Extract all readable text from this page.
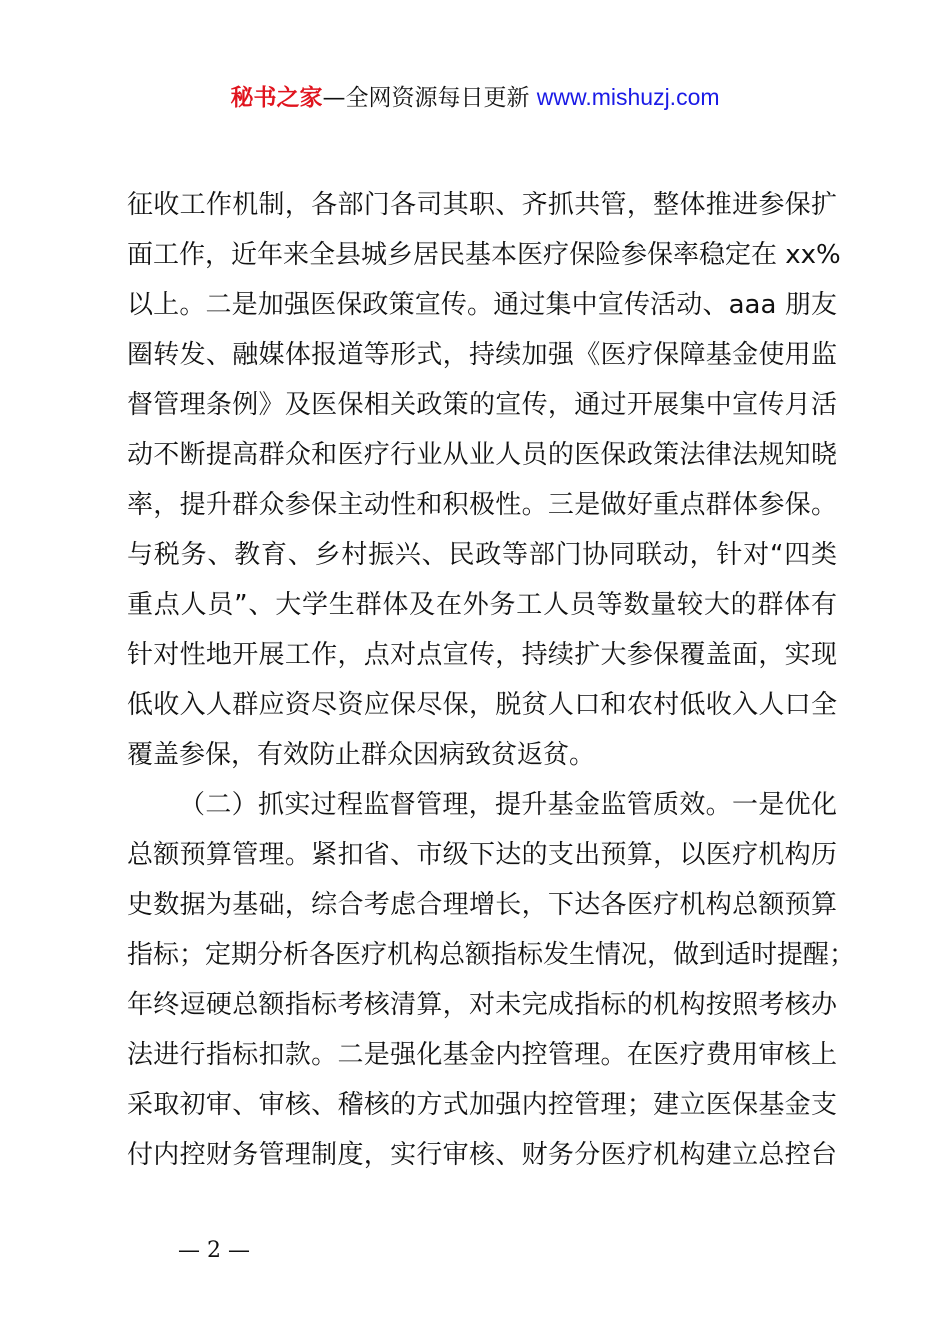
秘书之家—全网资源每日更新 www.mishuzj.com
征收工作机制，各部门各司其职、齐抓共管，整体推进参保扩
面工作，近年来全县城乡居民基本医疗保险参保率稳定在 xx%
以上。二是加强医保政策宣传。通过集中宣传活动、aaa 朋友
圈转发、融媒体报道等形式，持续加强《医疗保障基金使用监
督管理条例》及医保相关政策的宣传，通过开展集中宣传月活
动不断提高群众和医疗行业从业人员的医保政策法律法规知晓
率，提升群众参保主动性和积极性。三是做好重点群体参保。
与税务、教育、乡村振兴、民政等部门协同联动，针对“四类
重点人员”、大学生群体及在外务工人员等数量较大的群体有
针对性地开展工作，点对点宣传，持续扩大参保覆盖面，实现
低收入人群应资尽资应保尽保，脱贫人口和农村低收入人口全
覆盖参保，有效防止群众因病致贫返贫。
（二）抓实过程监督管理，提升基金监管质效。一是优化
总额预算管理。紧扣省、市级下达的支出预算，以医疗机构历
史数据为基础，综合考虑合理增长，下达各医疗机构总额预算
指标；定期分析各医疗机构总额指标发生情况，做到适时提醒；
年终逗硬总额指标考核清算，对未完成指标的机构按照考核办
法进行指标扣款。二是强化基金内控管理。在医疗费用审核上
采取初审、审核、稽核的方式加强内控管理；建立医保基金支
付内控财务管理制度，实行审核、财务分医疗机构建立总控台
— 2 —
